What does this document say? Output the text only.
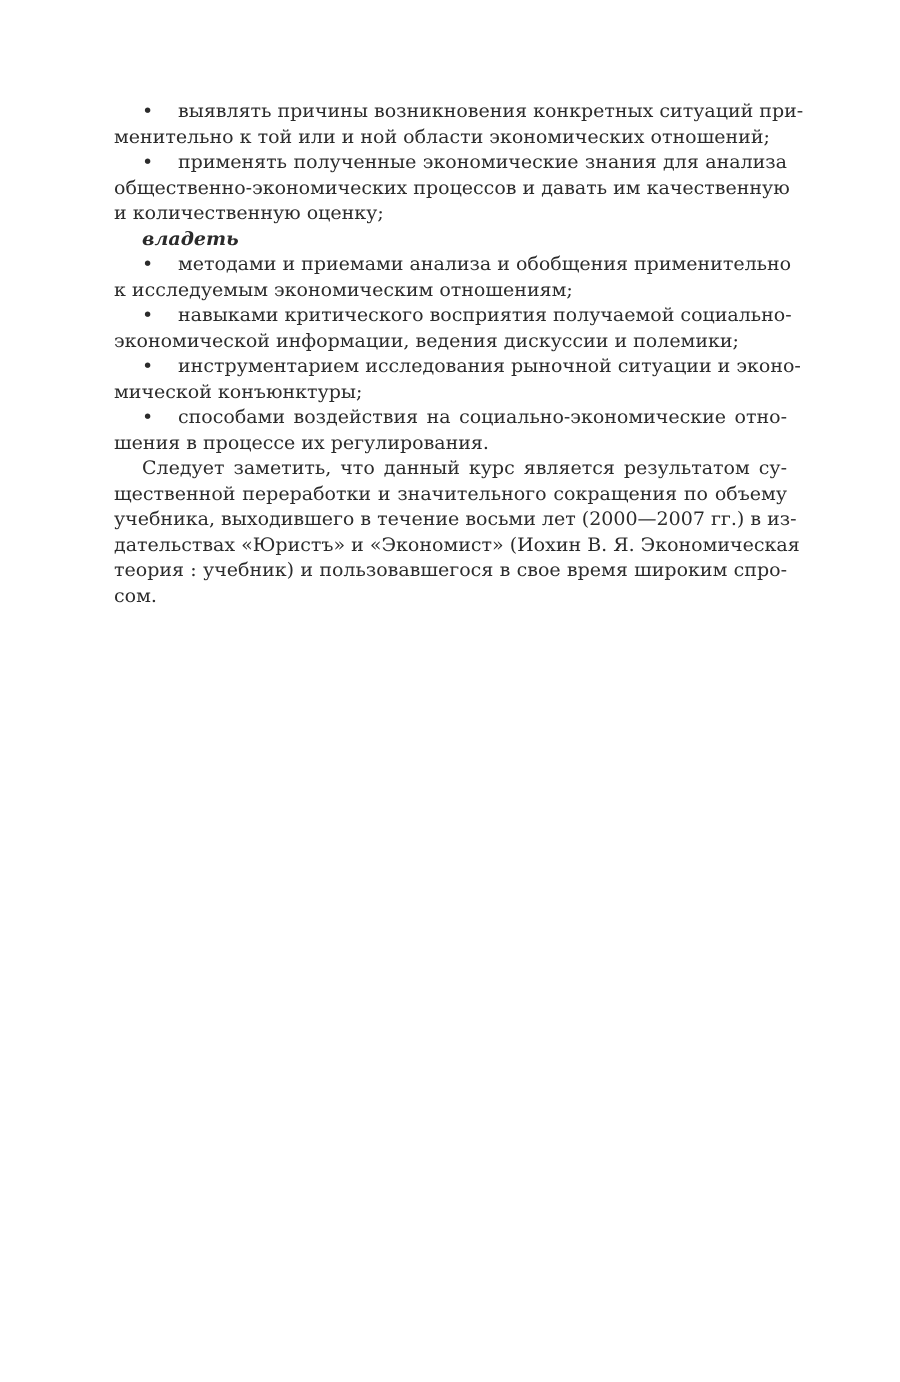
• выявлять причины возникновения конкретных ситуаций при-
менительно к той или и ной области экономических отношений;
• применять полученные экономические знания для анализа
общественно-экономических процессов и давать им качественную
и количественную оценку;
владеть
• методами и приемами анализа и обобщения применительно
к исследуемым экономическим отношениям;
• навыками критического восприятия получаемой социально-
экономической информации, ведения дискуссии и полемики;
• инструментарием исследования рыночной ситуации и эконо-
мической конъюнктуры;
• способами воздействия на социально-экономические отно-
шения в процессе их регулирования.
Следует заметить, что данный курс является результатом су-
щественной переработки и значительного сокращения по объему
учебника, выходившего в течение восьми лет (2000—2007 гг.) в из-
дательствах «Юристъ» и «Экономист» (Иохин В. Я. Экономическая
теория : учебник) и пользовавшегося в свое время широким спро-
сом.
